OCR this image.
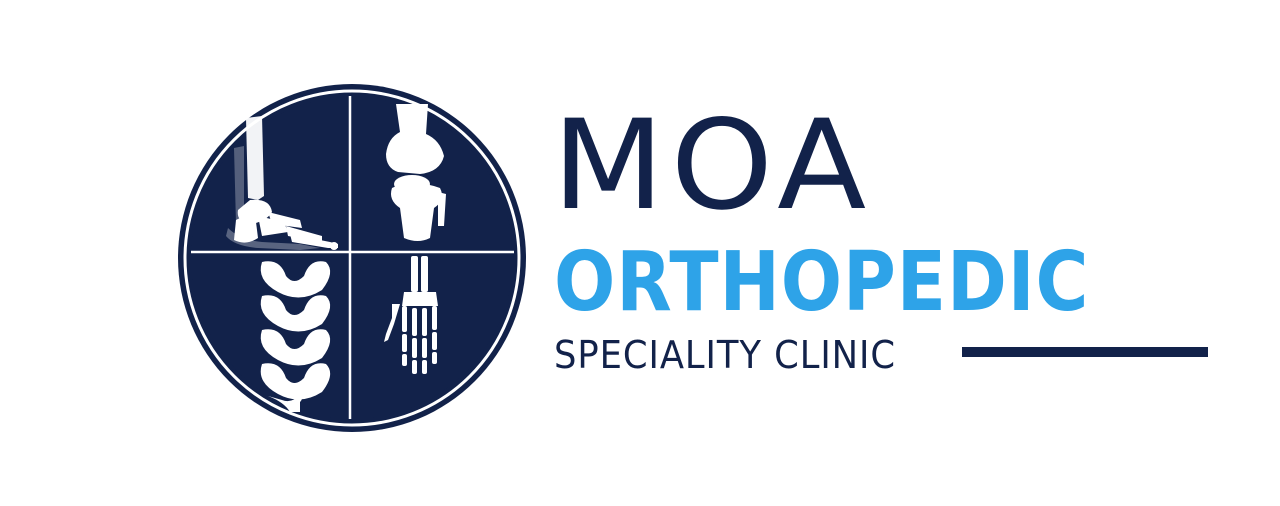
MOA
ORTHOPEDIC
SPECIALITY CLINIC
